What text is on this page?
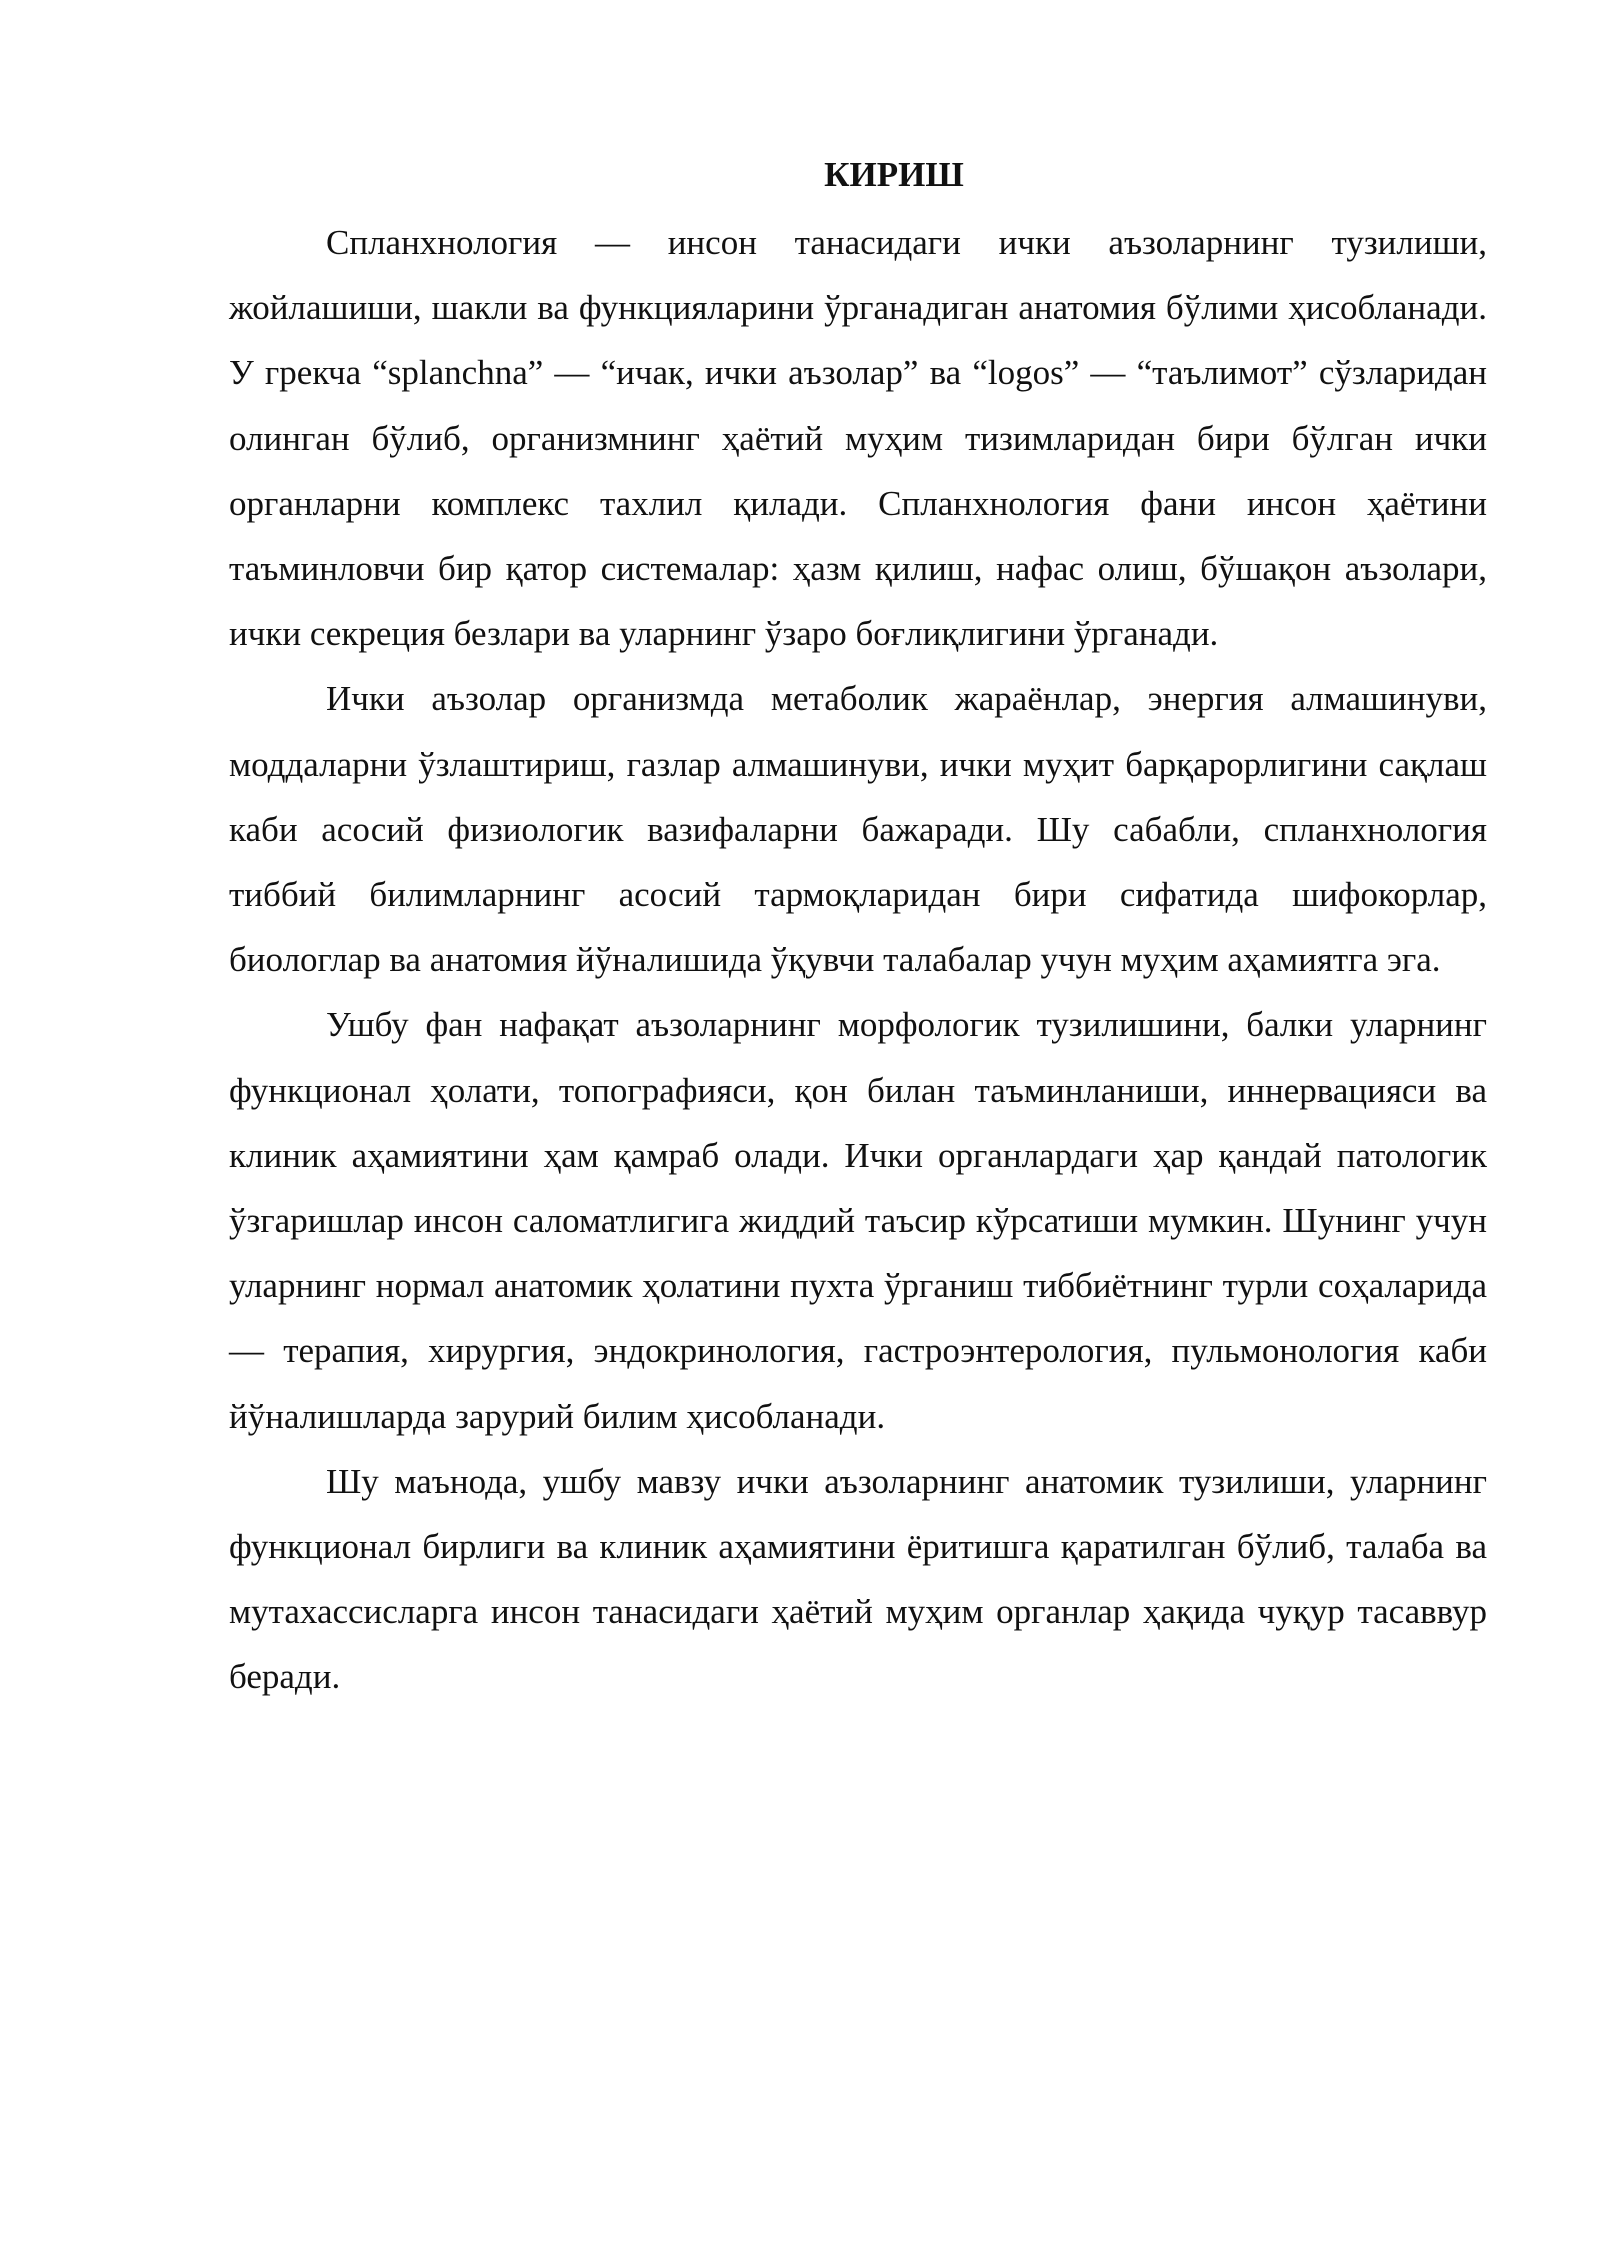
КИРИШ

Спланхнология — инсон танасидаги ички аъзоларнинг тузилиши, жойлашиши, шакли ва функцияларини ўрганадиган анатомия бўлими ҳисобланади. У грекча “splanchna” — “ичак, ички аъзолар” ва “logos” — “таълимот” сўзларидан олинган бўлиб, организмнинг ҳаётий муҳим тизимларидан бири бўлган ички органларни комплекс тахлил қилади. Спланхнология фани инсон ҳаётини таъминловчи бир қатор системалар: ҳазм қилиш, нафас олиш, бўшақон аъзолари, ички секреция безлари ва уларнинг ўзаро боғлиқлигини ўрганади.

Ички аъзолар организмда метаболик жараёнлар, энергия алмашинуви, моддаларни ўзлаштириш, газлар алмашинуви, ички муҳит барқарорлигини сақлаш каби асосий физиологик вазифаларни бажаради. Шу сабабли, спланхнология тиббий билимларнинг асосий тармоқларидан бири сифатида шифокорлар, биологлар ва анатомия йўналишида ўқувчи талабалар учун муҳим аҳамиятга эга.

Ушбу фан нафақат аъзоларнинг морфологик тузилишини, балки уларнинг функционал ҳолати, топографияси, қон билан таъминланиши, иннервацияси ва клиник аҳамиятини ҳам қамраб олади. Ички органлардаги ҳар қандай патологик ўзгаришлар инсон саломатлигига жиддий таъсир кўрсатиши мумкин. Шунинг учун уларнинг нормал анатомик ҳолатини пухта ўрганиш тиббиётнинг турли соҳаларида — терапия, хирургия, эндокринология, гастроэнтерология, пульмонология каби йўналишларда зарурий билим ҳисобланади.

Шу маънода, ушбу мавзу ички аъзоларнинг анатомик тузилиши, уларнинг функционал бирлиги ва клиник аҳамиятини ёритишга қаратилган бўлиб, талаба ва мутахассисларга инсон танасидаги ҳаётий муҳим органлар ҳақида чуқур тасаввур беради.
